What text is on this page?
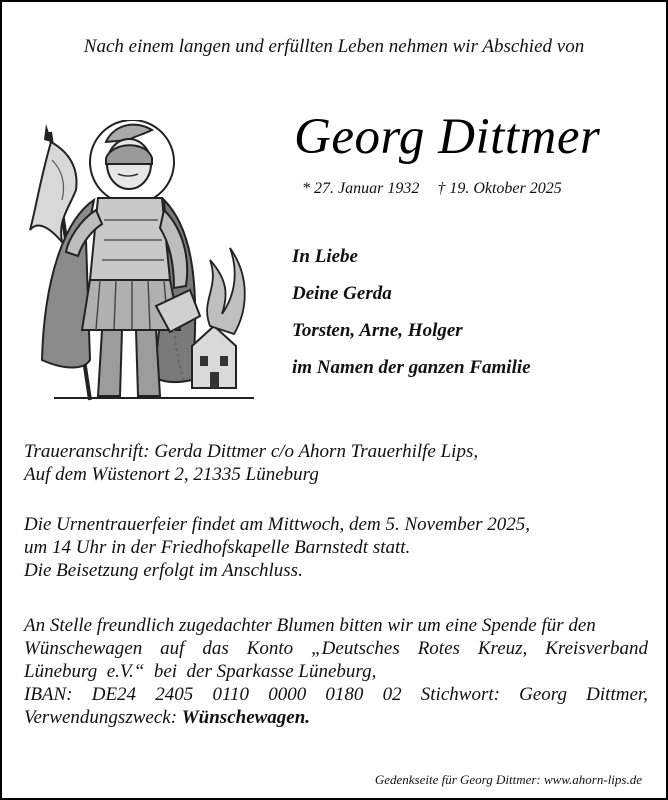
Nach einem langen und erfüllten Leben nehmen wir Abschied von
Georg Dittmer
* 27. Januar 1932 † 19. Oktober 2025
In Liebe
Deine Gerda
Torsten, Arne, Holger
im Namen der ganzen Familie
Traueranschrift: Gerda Dittmer c/o Ahorn Trauerhilfe Lips,
Auf dem Wüstenort 2, 21335 Lüneburg
Die Urnentrauerfeier findet am Mittwoch, dem 5. November 2025,
um 14 Uhr in der Friedhofskapelle Barnstedt statt.
Die Beisetzung erfolgt im Anschluss.
An Stelle freundlich zugedachter Blumen bitten wir um eine Spende für den
Wünschewagen auf das Konto „Deutsches Rotes Kreuz, Kreisverband
Lüneburg  e.V.“  bei  der Sparkasse Lüneburg,
IBAN: DE24 2405 0110 0000 0180 02 Stichwort: Georg Dittmer,
Verwendungszweck: Wünschewagen.
Gedenkseite für Georg Dittmer: www.ahorn-lips.de
